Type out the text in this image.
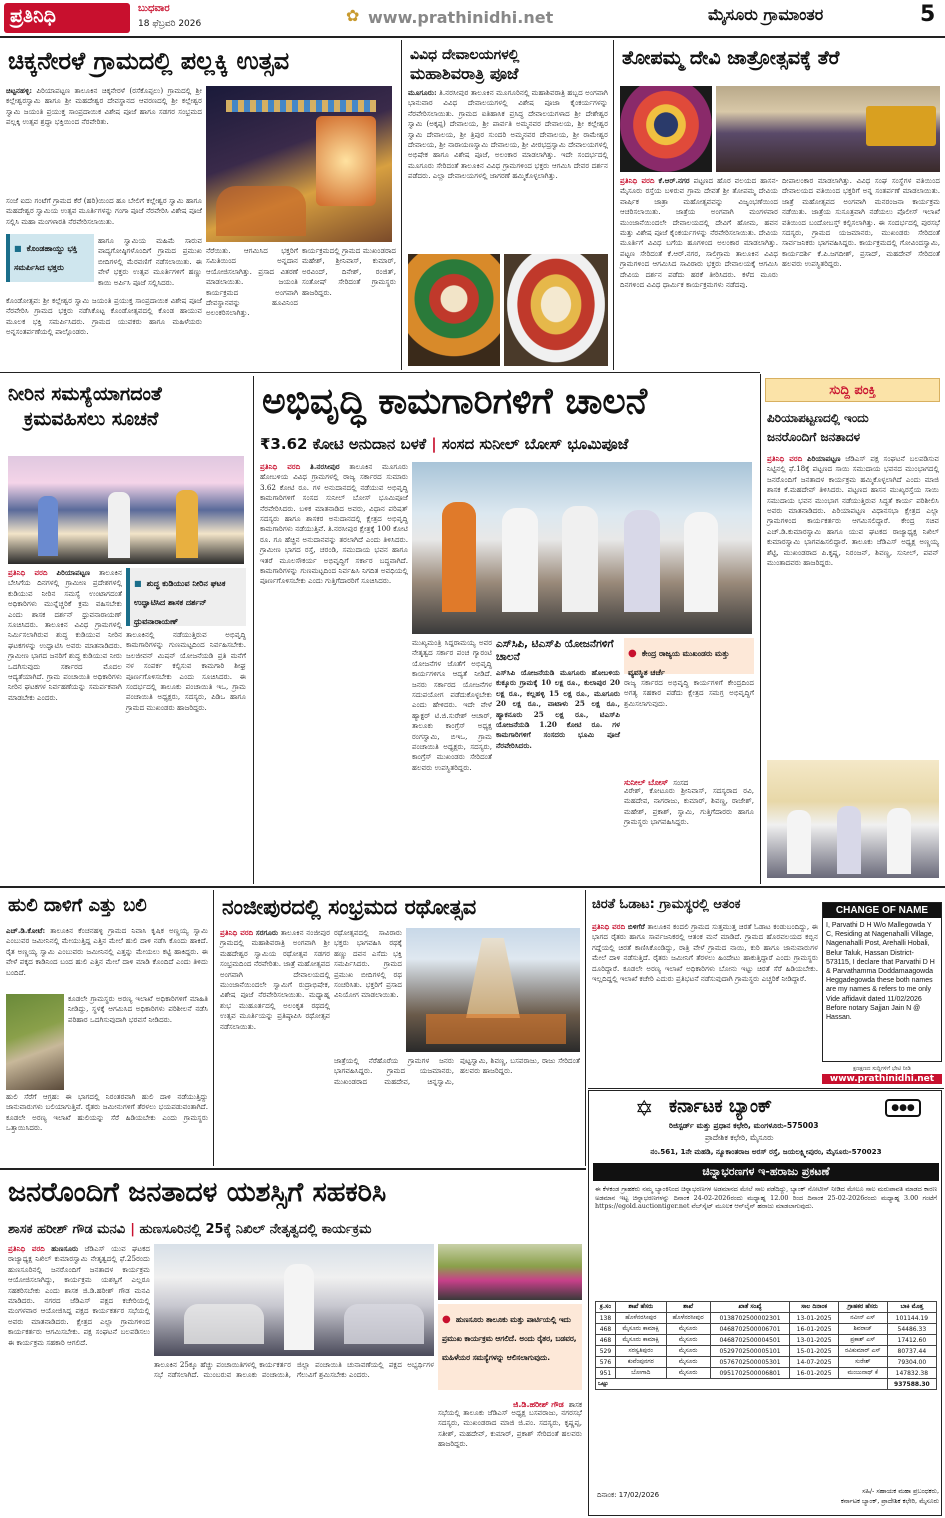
ಪ್ರತಿನಿಧಿ	ಬುಧವಾರ
18 ಫೆಬ್ರವರಿ 2026	✿ www.prathinidhi.net	ಮೈಸೂರು ಗ್ರಾಮಾಂತರ	5
ಚಿಕ್ಕನೇರಳೆ ಗ್ರಾಮದಲ್ಲಿ ಪಲ್ಲಕ್ಕಿ ಉತ್ಸವ
ಚಿಟ್ಟನಹಳ್ಳಿ: ಪಿರಿಯಾಪಟ್ಟಣ ತಾಲೂಕಿನ ಚಿಕ್ಕನೇರಳೆ (ರಸೆಕೊಪ್ಪಲು) ಗ್ರಾಮದಲ್ಲಿ ಶ್ರೀ ಕಲ್ಲೇಶ್ವರಸ್ವಾಮಿ ಹಾಗೂ ಶ್ರೀ ಮಹದೇಶ್ವರ ದೇವಸ್ಥಾನದ ಆವರಣದಲ್ಲಿ ಶ್ರೀ ಕಲ್ಲೇಶ್ವರ ಸ್ವಾಮಿ ಜಯಂತಿ ಪ್ರಯುಕ್ತ ಸಾಂಪ್ರದಾಯಿಕ ವಿಶೇಷ ಪೂಜೆ ಹಾಗೂ ಸಡಗರ ಸಂಭ್ರಮದ ಪಲ್ಲಕ್ಕಿ ಉತ್ಸವ ಶ್ರದ್ಧಾ ಭಕ್ತಿಯಿಂದ ನೆರವೇರಿತು.
ಸಂಜೆ ಐದು ಗಂಟೆಗೆ ಗ್ರಾಮದ ಕೆರೆ (ಹರಿ)ಯಿಂದ ಹೂ ಬೇಲಿಗೆ ಕಲ್ಲೇಶ್ವರ ಸ್ವಾಮಿ ಹಾಗೂ ಮಹದೇಶ್ವರ ಸ್ವಾಮಿಯ ಉತ್ಸವ ಮೂರ್ತಿಗಳನ್ನು ಗಂಗಾ ಪೂಜೆ ನೆರವೇರಿಸಿ ವಿಶೇಷ ಪೂಜೆ ಸಲ್ಲಿಸಿ ಮಹಾ ಮಂಗಳಾರತಿ ನೆರವೇರಿಸಲಾಯಿತು.
■ ಕೊಂಡಹಾಯ್ದು ಭಕ್ತಿ ಸಮರ್ಪಿಸಿದ ಭಕ್ತರು
ಹಾಗೂ ಸ್ವಾಮಿಯ ಮಹಿಮೆ ಸಾರುವ ವಾದ್ಯಗೋಷ್ಠಿಗಳೊಂದಿಗೆ ಗ್ರಾಮದ ಪ್ರಮುಖ ಬೀದಿಗಳಲ್ಲಿ ಮೆರವಣಿಗೆ ನಡೆಸಲಾಯಿತು. ಈ ವೇಳೆ ಭಕ್ತರು ಉತ್ಸವ ಮೂರ್ತಿಗಳಿಗೆ ಹಣ್ಣು ಕಾಯಿ ಅರ್ಪಿಸಿ ಪೂಜೆ ಸಲ್ಲಿಸಿದರು.
ಕೊಂಡೋತ್ಸವ: ಶ್ರೀ ಕಲ್ಲೇಶ್ವರ ಸ್ವಾಮಿ ಜಯಂತಿ ಪ್ರಯುಕ್ತ ಸಾಂಪ್ರದಾಯಿಕ ವಿಶೇಷ ಪೂಜೆ ನೆರವೇರಿಸಿ ಗ್ರಾಮದ ಭಕ್ತರು ನಡೆಸಿಕೊಟ್ಟ ಕೊಂಡೋತ್ಸವದಲ್ಲಿ ಕೊಂಡ ಹಾಯುವ ಮೂಲಕ ಭಕ್ತಿ ಸಮರ್ಪಿಸಿದರು. ಗ್ರಾಮದ ಯುವಕರು ಹಾಗೂ ಮಹಿಳೆಯರು ಅನ್ನಸಂತರ್ಪಣೆಯಲ್ಲಿ ಪಾಲ್ಗೊಂಡರು.
ನೆರೆಯಿತು. ಆಗಮಿಸಿದ ಭಕ್ತರಿಗೆ ಸಮಿತಿಯಿಂದ ಅನ್ನದಾನ ಆಯೋಜಿಸಲಾಗಿತ್ತು. ಪ್ರಸಾದ ವಿತರಣೆ ಮಾಡಲಾಯಿತು. ಜಯಂತಿ ಕಾರ್ಯಕ್ರಮದ ಅಂಗವಾಗಿ ದೇವಸ್ಥಾನವನ್ನು ಹೂವಿನಿಂದ ಅಲಂಕರಿಸಲಾಗಿತ್ತು.
ಕಾರ್ಯಕ್ರಮದಲ್ಲಿ ಗ್ರಾಮದ ಮುಖಂಡರಾದ ಮಹೇಶ್, ಶ್ರೀನಿವಾಸ್, ಕುಮಾರ್, ಅರವಿಂದ್, ದಿನೇಶ್, ರಂಜಿತ್, ಸಂತೋಷ್ ಸೇರಿದಂತೆ ಗ್ರಾಮಸ್ಥರು ಹಾಜರಿದ್ದರು.
ವಿವಿಧ ದೇವಾಲಯಗಳಲ್ಲಿ
ಮಹಾಶಿವರಾತ್ರಿ ಪೂಜೆ
ಮೂಗೂರು: ತಿ.ನರಸೀಪುರ ತಾಲೂಕಿನ ಮೂಗೂರಿನಲ್ಲಿ ಮಹಾಶಿವರಾತ್ರಿ ಹಬ್ಬದ ಅಂಗವಾಗಿ ಭಾನುವಾರ ವಿವಿಧ ದೇವಾಲಯಗಳಲ್ಲಿ ವಿಶೇಷ ಪೂಜಾ ಕೈಂಕರ್ಯಗಳನ್ನು ನೆರವೇರಿಸಲಾಯಿತು. ಗ್ರಾಮದ ಐತಿಹಾಸಿಕ ಪ್ರಸಿದ್ಧ ದೇವಾಲಯಗಳಾದ ಶ್ರೀ ದೇಶೇಶ್ವರ ಸ್ವಾಮಿ (ಅಕ್ಕಪ್ಪ) ದೇವಾಲಯ, ಶ್ರೀ ಪಾರ್ವತಿ ಅಮ್ಮನವರ ದೇವಾಲಯ, ಶ್ರೀ ಕಲ್ಲೇಶ್ವರ ಸ್ವಾಮಿ ದೇವಾಲಯ, ಶ್ರೀ ತ್ರಿಪುರ ಸುಂದರಿ ಅಮ್ಮನವರ ದೇವಾಲಯ, ಶ್ರೀ ರಾಮೇಶ್ವರ ದೇವಾಲಯ, ಶ್ರೀ ನಾರಾಯಣಸ್ವಾಮಿ ದೇವಾಲಯ, ಶ್ರೀ ವೀರಭದ್ರಸ್ವಾಮಿ ದೇವಾಲಯಗಳಲ್ಲಿ ಅಭಿಷೇಕ ಹಾಗೂ ವಿಶೇಷ ಪೂಜೆ, ಅಲಂಕಾರ ಮಾಡಲಾಗಿತ್ತು. ಇದೇ ಸಂದರ್ಭದಲ್ಲಿ ಮೂಗೂರು ಸೇರಿದಂತೆ ತಾಲೂಕಿನ ವಿವಿಧ ಗ್ರಾಮಗಳಿಂದ ಭಕ್ತರು ಆಗಮಿಸಿ ದೇವರ ದರ್ಶನ ಪಡೆದರು. ಎಲ್ಲಾ ದೇವಾಲಯಗಳಲ್ಲಿ ಜಾಗರಣೆ ಹಮ್ಮಿಕೊಳ್ಳಲಾಗಿತ್ತು.
ತೋಪಮ್ಮ ದೇವಿ ಜಾತ್ರೋತ್ಸವಕ್ಕೆ ತೆರೆ
ಪ್ರತಿನಿಧಿ ವರದಿ ಕೆ.ಆರ್.ನಗರ ಪಟ್ಟಣದ ಹೊರ ವಲಯದ ಹಾಸನ- ಮೈಸೂರು ರಸ್ತೆಯ ಬಳಿರುವ ಗ್ರಾಮ ದೇವತೆ ಶ್ರೀ ತೋಪಮ್ಮ ದೇವಿಯ ವಾರ್ಷಿಕ ಜಾತ್ರಾ ಮಹೋತ್ಸವವನ್ನು ವಿಜೃಂಭಣೆಯಿಂದ ಆಚರಿಸಲಾಯಿತು. ಜಾತ್ರೆಯ ಅಂಗವಾಗಿ ಮಂಗಳವಾರ ಮುಂಜಾನೆಯಿಂದಲೇ ದೇವಾಲಯದಲ್ಲಿ ದೇವಿಗೆ ಹೋಮ, ಹವನ ಮತ್ತು ವಿಶೇಷ ಪೂಜೆ ಕೈಂಕರ್ಯಗಳನ್ನು ನೆರವೇರಿಸಲಾಯಿತು. ದೇವಿಯ ಮೂರ್ತಿಗೆ ವಿವಿಧ ಬಗೆಯ ಹೂಗಳಿಂದ ಅಲಂಕಾರ ಮಾಡಲಾಗಿತ್ತು. ಪಟ್ಟಣ ಸೇರಿದಂತೆ ಕೆ.ಆರ್.ನಗರ, ಸಾಲಿಗ್ರಾಮ ತಾಲೂಕಿನ ವಿವಿಧ ಗ್ರಾಮಗಳಿಂದ ಆಗಮಿಸಿದ ಸಾವಿರಾರು ಭಕ್ತರು ದೇವಾಲಯಕ್ಕೆ ಆಗಮಿಸಿ ದೇವಿಯ ದರ್ಶನ ಪಡೆದು ಹರಕೆ ತೀರಿಸಿದರು. ಕಳೆದ ಮೂರು ದಿನಗಳಿಂದ ವಿವಿಧ ಧಾರ್ಮಿಕ ಕಾರ್ಯಕ್ರಮಗಳು ನಡೆದವು.
ದೀಪಾಲಂಕಾರ ಮಾಡಲಾಗಿತ್ತು. ವಿವಿಧ ಸಂಘ ಸಂಸ್ಥೆಗಳ ವತಿಯಿಂದ ದೇವಾಲಯದ ವತಿಯಿಂದ ಭಕ್ತರಿಗೆ ಅನ್ನ ಸಂತರ್ಪಣೆ ಮಾಡಲಾಯಿತು. ಜಾತ್ರೆ ಮಹೋತ್ಸವದ ಅಂಗವಾಗಿ ಮನರಂಜನಾ ಕಾರ್ಯಕ್ರಮ ನಡೆಯಿತು. ಜಾತ್ರೆಯ ಸುಸೂತ್ರವಾಗಿ ನಡೆಯಲು ಪೊಲೀಸ್ ಇಲಾಖೆ ವತಿಯಿಂದ ಬಂದೋಬಸ್ತ್ ಕಲ್ಪಿಸಲಾಗಿತ್ತು. ಈ ಸಂದರ್ಭದಲ್ಲಿ ಪುರಸಭೆ ಸದಸ್ಯರು, ಗ್ರಾಮದ ಯಜಮಾನರು, ಮುಖಂಡರು ಸೇರಿದಂತೆ ಸಾರ್ವಜನಿಕರು ಭಾಗವಹಿಸಿದ್ದರು. ಕಾರ್ಯಕ್ರಮದಲ್ಲಿ ಗೋವಿಂದಸ್ವಾಮಿ, ಕಾರ್ಯದರ್ಶಿ ಕೆ.ಪಿ.ಜಗದೀಶ್, ಪ್ರಸಾದ್, ಮಹದೇವ್ ಸೇರಿದಂತೆ ಹಲವರು ಉಪಸ್ಥಿತರಿದ್ದರು.
ನೀರಿನ ಸಮಸ್ಯೆಯಾಗದಂತೆ
ಕ್ರಮವಹಿಸಲು ಸೂಚನೆ
ಪ್ರತಿನಿಧಿ ವರದಿ ಪಿರಿಯಾಪಟ್ಟಣ ತಾಲೂಕಿನ ಬೇಸಿಗೆಯ ದಿನಗಳಲ್ಲಿ ಗ್ರಾಮೀಣ ಪ್ರದೇಶಗಳಲ್ಲಿ ಕುಡಿಯುವ ನೀರಿನ ಸಮಸ್ಯೆ ಉಂಟಾಗದಂತೆ ಅಧಿಕಾರಿಗಳು ಮುನ್ನೆಚ್ಚರಿಕೆ ಕ್ರಮ ವಹಿಸಬೇಕು ಎಂದು ಶಾಸಕ ದರ್ಶನ್ ಧ್ರುವನಾರಾಯಣ್ ಸೂಚಿಸಿದರು. ತಾಲೂಕಿನ ವಿವಿಧ ಗ್ರಾಮಗಳಲ್ಲಿ ನಿರ್ಮಿಸಲಾಗಿರುವ ಶುದ್ಧ ಕುಡಿಯುವ ನೀರಿನ ಘಟಕಗಳನ್ನು ಉದ್ಘಾಟಿಸಿ ಅವರು ಮಾತನಾಡಿದರು. ಗ್ರಾಮೀಣ ಭಾಗದ ಜನರಿಗೆ ಶುದ್ಧ ಕುಡಿಯುವ ನೀರು ಒದಗಿಸುವುದು ಸರ್ಕಾರದ ಮೊದಲ ಆದ್ಯತೆಯಾಗಿದೆ. ಗ್ರಾಮ ಪಂಚಾಯಿತಿ ಅಧಿಕಾರಿಗಳು ನೀರಿನ ಘಟಕಗಳ ನಿರ್ವಹಣೆಯನ್ನು ಸಮರ್ಪಕವಾಗಿ ಮಾಡಬೇಕು ಎಂದರು.
■ ಶುದ್ಧ ಕುಡಿಯುವ ನೀರಿನ ಘಟಕ ಉದ್ಘಾಟಿಸಿದ ಶಾಸಕ ದರ್ಶನ್ ಧ್ರುವನಾರಾಯಣ್
ತಾಲೂಕಿನಲ್ಲಿ ನಡೆಯುತ್ತಿರುವ ಅಭಿವೃದ್ಧಿ ಕಾಮಗಾರಿಗಳನ್ನು ಗುಣಮಟ್ಟದಿಂದ ನಿರ್ವಹಿಸಬೇಕು. ಜಲಜೀವನ್ ಮಿಷನ್ ಯೋಜನೆಯಡಿ ಪ್ರತಿ ಮನೆಗೆ ನಳ ಸಂಪರ್ಕ ಕಲ್ಪಿಸುವ ಕಾಮಗಾರಿ ಶೀಘ್ರ ಪೂರ್ಣಗೊಳಿಸಬೇಕು ಎಂದು ಸೂಚಿಸಿದರು. ಈ ಸಂದರ್ಭದಲ್ಲಿ ತಾಲೂಕು ಪಂಚಾಯಿತಿ ಇಒ, ಗ್ರಾಮ ಪಂಚಾಯಿತಿ ಅಧ್ಯಕ್ಷರು, ಸದಸ್ಯರು, ಪಿಡಿಒ ಹಾಗೂ ಗ್ರಾಮದ ಮುಖಂಡರು ಹಾಜರಿದ್ದರು.
ಅಭಿವೃದ್ಧಿ ಕಾಮಗಾರಿಗಳಿಗೆ ಚಾಲನೆ
₹3.62 ಕೋಟಿ ಅನುದಾನ ಬಳಕೆ | ಸಂಸದ ಸುನೀಲ್ ಬೋಸ್ ಭೂಮಿಪೂಜೆ
ಪ್ರತಿನಿಧಿ ವರದಿ ತಿ.ನರಸೀಪುರ ತಾಲೂಕಿನ ಮೂಗೂರು ಹೋಬಳಿಯ ವಿವಿಧ ಗ್ರಾಮಗಳಲ್ಲಿ ರಾಜ್ಯ ಸರ್ಕಾರದ ಸುಮಾರು 3.62 ಕೋಟಿ ರೂ. ಗಳ ಅನುದಾನದಲ್ಲಿ ನಡೆಯುವ ಅಭಿವೃದ್ಧಿ ಕಾಮಗಾರಿಗಳಿಗೆ ಸಂಸದ ಸುನೀಲ್ ಬೋಸ್ ಭೂಮಿಪೂಜೆ ನೆರವೇರಿಸಿದರು. ಬಳಿಕ ಮಾತನಾಡಿದ ಅವರು, ವಿಧಾನ ಪರಿಷತ್ ಸದಸ್ಯರು ಹಾಗೂ ಶಾಸಕರ ಅನುದಾನದಲ್ಲಿ ಕ್ಷೇತ್ರದ ಅಭಿವೃದ್ಧಿ ಕಾಮಗಾರಿಗಳು ನಡೆಯುತ್ತಿವೆ. ತಿ.ನರಸೀಪುರ ಕ್ಷೇತ್ರಕ್ಕೆ 100 ಕೋಟಿ ರೂ. ಗೂ ಹೆಚ್ಚಿನ ಅನುದಾನವನ್ನು ತರಲಾಗಿದೆ ಎಂದು ತಿಳಿಸಿದರು. ಗ್ರಾಮೀಣ ಭಾಗದ ರಸ್ತೆ, ಚರಂಡಿ, ಸಮುದಾಯ ಭವನ ಹಾಗೂ ಇತರೆ ಮೂಲಸೌಕರ್ಯ ಅಭಿವೃದ್ಧಿಗೆ ಸರ್ಕಾರ ಬದ್ಧವಾಗಿದೆ. ಕಾಮಗಾರಿಗಳನ್ನು ಗುಣಮಟ್ಟದಿಂದ ನಿರ್ವಹಿಸಿ ನಿಗದಿತ ಅವಧಿಯಲ್ಲಿ ಪೂರ್ಣಗೊಳಿಸಬೇಕು ಎಂದು ಗುತ್ತಿಗೆದಾರರಿಗೆ ಸೂಚಿಸಿದರು.
ಮುಖ್ಯಮಂತ್ರಿ ಸಿದ್ದರಾಮಯ್ಯ ಅವರ ನೇತೃತ್ವದ ಸರ್ಕಾರ ಪಂಚ ಗ್ಯಾರಂಟಿ ಯೋಜನೆಗಳ ಜೊತೆಗೆ ಅಭಿವೃದ್ಧಿ ಕಾರ್ಯಗಳಿಗೂ ಆದ್ಯತೆ ನೀಡಿದೆ. ಜನರು ಸರ್ಕಾರದ ಯೋಜನೆಗಳ ಸದುಪಯೋಗ ಪಡೆದುಕೊಳ್ಳಬೇಕು ಎಂದು ಹೇಳಿದರು. ಇದೇ ವೇಳೆ ಹ್ಯಾಕ್ಟರ್ ಟಿ.ಜಿ.ಸುರೇಶ್ ಆಚಾರ್, ತಾಲೂಕು ಕಾಂಗ್ರೆಸ್ ಅಧ್ಯಕ್ಷ ರಂಗಸ್ವಾಮಿ, ಬಿಇಒ, ಗ್ರಾಮ ಪಂಚಾಯಿತಿ ಅಧ್ಯಕ್ಷರು, ಸದಸ್ಯರು, ಕಾಂಗ್ರೆಸ್ ಮುಖಂಡರು ಸೇರಿದಂತೆ ಹಲವರು ಉಪಸ್ಥಿತರಿದ್ದರು.
ಎಸ್‌ಸಿಪಿ, ಟಿಎಸ್‌ಪಿ ಯೋಜನೆಗಳಿಗೆ ಚಾಲನೆ
ಎಸ್‌ಸಿಪಿ ಯೋಜನೆಯಡಿ ಮೂಗೂರು ಹೋಬಳಿಯ ಕುಕ್ಕೂರು ಗ್ರಾಮಕ್ಕೆ 10 ಲಕ್ಷ ರೂ., ಕುಲಾಪುರ 20 ಲಕ್ಷ ರೂ., ಕಲ್ಲಹಳ್ಳಿ 15 ಲಕ್ಷ ರೂ., ಮೂಗೂರು 20 ಲಕ್ಷ ರೂ., ವಾಟಾಳು 25 ಲಕ್ಷ ರೂ., ಹ್ಯಾಕನೂರು 25 ಲಕ್ಷ ರೂ., ಟಿಎಸ್‌ಪಿ ಯೋಜನೆಯಡಿ 1.20 ಕೋಟಿ ರೂ. ಗಳ ಕಾಮಗಾರಿಗಳಿಗೆ ಸಂಸದರು ಭೂಮಿ ಪೂಜೆ ನೆರವೇರಿಸಿದರು.
● ಕೇಂದ್ರ ರಾಜ್ಯಯ ಮುಖಂಡರು ಮತ್ತು ವ್ಯವಸ್ಥಿತ ಚರ್ಚೆ
ರಾಜ್ಯ ಸರ್ಕಾರದ ಅಭಿವೃದ್ಧಿ ಕಾರ್ಯಗಳಿಗೆ ಕೇಂದ್ರದಿಂದ ಅಗತ್ಯ ಸಹಕಾರ ಪಡೆದು ಕ್ಷೇತ್ರದ ಸಮಗ್ರ ಅಭಿವೃದ್ಧಿಗೆ ಶ್ರಮಿಸಲಾಗುವುದು.
ಸುನೀಲ್ ಬೋಸ್ ಸಂಸದ
ವಿರೇಶ್, ಕೋಟೂರು ಶ್ರೀನಿವಾಸ್, ಸದಸ್ಯರಾದ ರವಿ, ಮಹದೇವ, ನಾಗರಾಜು, ಕುಮಾರ್, ಶಿವಣ್ಣ, ರಾಜೇಶ್, ಮಹೇಶ್, ಪ್ರಕಾಶ್, ಸ್ವಾಮಿ, ಗುತ್ತಿಗೆದಾರರು ಹಾಗೂ ಗ್ರಾಮಸ್ಥರು ಭಾಗವಹಿಸಿದ್ದರು.
ಸುದ್ದಿ ಪಂಕ್ತಿ
ಪಿರಿಯಾಪಟ್ಟಣದಲ್ಲಿ ಇಂದು
ಜನರೊಂದಿಗೆ ಜನತಾದಳ
ಪ್ರತಿನಿಧಿ ವರದಿ ಪಿರಿಯಾಪಟ್ಟಣ ಜೆಡಿಎಸ್ ಪಕ್ಷ ಸಂಘಟನೆ ಬಲಪಡಿಸುವ ನಿಟ್ಟಿನಲ್ಲಿ ಫೆ.18ಕ್ಕೆ ಪಟ್ಟಣದ ಸಾಯಿ ಸಮುದಾಯ ಭವನದ ಮುಂಭಾಗದಲ್ಲಿ ಜನರೊಂದಿಗೆ ಜನತಾದಳ ಕಾರ್ಯಕ್ರಮ ಹಮ್ಮಿಕೊಳ್ಳಲಾಗಿದೆ ಎಂದು ಮಾಜಿ ಶಾಸಕ ಕೆ.ಮಹದೇವ್ ತಿಳಿಸಿದರು. ಪಟ್ಟಣದ ಹಾಸನ ಮುಖ್ಯರಸ್ತೆಯ ಸಾಯಿ ಸಮುದಾಯ ಭವನ ಮುಂಭಾಗ ನಡೆಯುತ್ತಿರುವ ಸಿದ್ಧತೆ ಕಾರ್ಯ ಪರಿಶೀಲಿಸಿ ಅವರು ಮಾತನಾಡಿದರು. ಪಿರಿಯಾಪಟ್ಟಣ ವಿಧಾನಸಭಾ ಕ್ಷೇತ್ರದ ಎಲ್ಲಾ ಗ್ರಾಮಗಳಿಂದ ಕಾರ್ಯಕರ್ತರು ಆಗಮಿಸಲಿದ್ದಾರೆ. ಕೇಂದ್ರ ಸಚಿವ ಎಚ್.ಡಿ.ಕುಮಾರಸ್ವಾಮಿ ಹಾಗೂ ಯುವ ಘಟಕದ ರಾಜ್ಯಾಧ್ಯಕ್ಷ ನಿಖಿಲ್ ಕುಮಾರಸ್ವಾಮಿ ಭಾಗವಹಿಸಲಿದ್ದಾರೆ. ತಾಲೂಕು ಜೆಡಿಎಸ್ ಅಧ್ಯಕ್ಷ ಅಣ್ಣಯ್ಯ ಶೆಟ್ಟಿ, ಮುಖಂಡರಾದ ಪಿ.ಕೃಷ್ಣ, ನಿರಂಜನ್, ಶಿವಣ್ಣ, ಸುನೀಲ್, ಪವನ್ ಮುಂತಾದವರು ಹಾಜರಿದ್ದರು.
ಹುಲಿ ದಾಳಿಗೆ ಎತ್ತು ಬಲಿ
ಎಚ್.ಡಿ.ಕೋಟೆ: ತಾಲೂಕಿನ ಕೆಂಚನಹಳ್ಳಿ ಗ್ರಾಮದ ನಿವಾಸಿ ಕೃಷಿಕ ಅಣ್ಣಯ್ಯ ಸ್ವಾಮಿ ಎಂಬುವರ ಜಮೀನಿನಲ್ಲಿ ಮೇಯುತ್ತಿದ್ದ ಎತ್ತಿನ ಮೇಲೆ ಹುಲಿ ದಾಳಿ ನಡೆಸಿ ಕೊಂದು ಹಾಕಿದೆ. ರೈತ ಅಣ್ಣಯ್ಯ ಸ್ವಾಮಿ ಎಂಬುವರು ಜಮೀನಿನಲ್ಲಿ ಎತ್ತನ್ನು ಮೇಯಲು ಕಟ್ಟಿ ಹಾಕಿದ್ದರು. ಈ ವೇಳೆ ಪಕ್ಕದ ಕಾಡಿನಿಂದ ಬಂದ ಹುಲಿ ಎತ್ತಿನ ಮೇಲೆ ದಾಳಿ ಮಾಡಿ ಕೊಂದಿದೆ ಎಂದು ತಿಳಿದು ಬಂದಿದೆ.
ಕೂಡಲೇ ಗ್ರಾಮಸ್ಥರು ಅರಣ್ಯ ಇಲಾಖೆ ಅಧಿಕಾರಿಗಳಿಗೆ ಮಾಹಿತಿ ನೀಡಿದ್ದು, ಸ್ಥಳಕ್ಕೆ ಆಗಮಿಸಿದ ಅಧಿಕಾರಿಗಳು ಪರಿಶೀಲನೆ ನಡೆಸಿ ಪರಿಹಾರ ಒದಗಿಸುವುದಾಗಿ ಭರವಸೆ ನೀಡಿದರು.
ಹುಲಿ ಸೆರೆಗೆ ಆಗ್ರಹ: ಈ ಭಾಗದಲ್ಲಿ ನಿರಂತರವಾಗಿ ಹುಲಿ ದಾಳಿ ನಡೆಯುತ್ತಿದ್ದು ಜಾನುವಾರುಗಳು ಬಲಿಯಾಗುತ್ತಿವೆ. ರೈತರು ಜಮೀನುಗಳಿಗೆ ತೆರಳಲು ಭಯಪಡುವಂತಾಗಿದೆ. ಕೂಡಲೇ ಅರಣ್ಯ ಇಲಾಖೆ ಹುಲಿಯನ್ನು ಸೆರೆ ಹಿಡಿಯಬೇಕು ಎಂದು ಗ್ರಾಮಸ್ಥರು ಒತ್ತಾಯಿಸಿದರು.
ನಂಜೀಪುರದಲ್ಲಿ ಸಂಭ್ರಮದ ರಥೋತ್ಸವ
ಪ್ರತಿನಿಧಿ ವರದಿ ಸರಗೂರು ತಾಲೂಕಿನ ನಂಜೀಪುರ ಗ್ರಾಮದಲ್ಲಿ ಮಹಾಶಿವರಾತ್ರಿ ಅಂಗವಾಗಿ ಶ್ರೀ ಮಹದೇಶ್ವರ ಸ್ವಾಮಿಯ ರಥೋತ್ಸವ ಸಡಗರ ಸಂಭ್ರಮದಿಂದ ನೆರವೇರಿತು. ಜಾತ್ರೆ ಮಹೋತ್ಸವದ ಅಂಗವಾಗಿ ದೇವಾಲಯದಲ್ಲಿ ಮುಂಜಾನೆಯಿಂದಲೇ ಸ್ವಾಮಿಗೆ ರುದ್ರಾಭಿಷೇಕ, ವಿಶೇಷ ಪೂಜೆ ನೆರವೇರಿಸಲಾಯಿತು. ಮಧ್ಯಾಹ್ನ ಶುಭ ಮುಹೂರ್ತದಲ್ಲಿ ಅಲಂಕೃತ ರಥದಲ್ಲಿ ಉತ್ಸವ ಮೂರ್ತಿಯನ್ನು ಪ್ರತಿಷ್ಠಾಪಿಸಿ ರಥೋತ್ಸವ ನಡೆಸಲಾಯಿತು.
ರಥೋತ್ಸವದಲ್ಲಿ ಸಾವಿರಾರು ಭಕ್ತರು ಭಾಗವಹಿಸಿ ರಥಕ್ಕೆ ಹಣ್ಣು ದವನ ಎಸೆದು ಭಕ್ತಿ ಸಮರ್ಪಿಸಿದರು. ಗ್ರಾಮದ ಪ್ರಮುಖ ಬೀದಿಗಳಲ್ಲಿ ರಥ ಸಂಚರಿಸಿತು. ಭಕ್ತರಿಗೆ ಪ್ರಸಾದ ವಿನಿಯೋಗ ಮಾಡಲಾಯಿತು.
ಜಾತ್ರೆಯಲ್ಲಿ ನೆರೆಹೊರೆಯ ಗ್ರಾಮಗಳ ಜನರು ಭಾಗವಹಿಸಿದ್ದರು. ಗ್ರಾಮದ ಯಜಮಾನರು, ಮುಖಂಡರಾದ ಮಹದೇವ, ಚಿನ್ನಸ್ವಾಮಿ, ಪುಟ್ಟಸ್ವಾಮಿ, ಶಿವಣ್ಣ, ಬಸವರಾಜು, ರಾಜು ಸೇರಿದಂತೆ ಹಲವರು ಹಾಜರಿದ್ದರು.
ಚಿರತೆ ಓಡಾಟ: ಗ್ರಾಮಸ್ಥರಲ್ಲಿ ಆತಂಕ
ಪ್ರತಿನಿಧಿ ವರದಿ ಬಿಳಿಗೆರೆ ತಾಲೂಕಿನ ಕಂದಲಿ ಗ್ರಾಮದ ಸುತ್ತಮುತ್ತ ಚಿರತೆ ಓಡಾಟ ಕಂಡುಬಂದಿದ್ದು, ಈ ಭಾಗದ ರೈತರು ಹಾಗೂ ಸಾರ್ವಜನಿಕರಲ್ಲಿ ಆತಂಕ ಮನೆ ಮಾಡಿದೆ. ಗ್ರಾಮದ ಹೊರವಲಯದ ಕಬ್ಬಿನ ಗದ್ದೆಯಲ್ಲಿ ಚಿರತೆ ಕಾಣಿಸಿಕೊಂಡಿದ್ದು, ರಾತ್ರಿ ವೇಳೆ ಗ್ರಾಮದ ನಾಯಿ, ಕುರಿ ಹಾಗೂ ಜಾನುವಾರುಗಳ ಮೇಲೆ ದಾಳಿ ನಡೆಸುತ್ತಿದೆ. ರೈತರು ಜಮೀನಿಗೆ ತೆರಳಲು ಹಿಂದೇಟು ಹಾಕುತ್ತಿದ್ದಾರೆ ಎಂದು ಗ್ರಾಮಸ್ಥರು ದೂರಿದ್ದಾರೆ. ಕೂಡಲೇ ಅರಣ್ಯ ಇಲಾಖೆ ಅಧಿಕಾರಿಗಳು ಬೋನು ಇಟ್ಟು ಚಿರತೆ ಸೆರೆ ಹಿಡಿಯಬೇಕು. ಇಲ್ಲದಿದ್ದಲ್ಲಿ ಇಲಾಖೆ ಕಚೇರಿ ಎದುರು ಪ್ರತಿಭಟನೆ ನಡೆಸುವುದಾಗಿ ಗ್ರಾಮಸ್ಥರು ಎಚ್ಚರಿಕೆ ನೀಡಿದ್ದಾರೆ.
CHANGE OF NAME
I, Parvathi D H W/o Mallegowda Y C, Residing at Nagenahalli Village, Nagenahalli Post, Arehalli Hobali, Belur Taluk, Hassan District- 573115, I declare that Parvathi D H & Parvathamma Doddamaagowda Heggadegowda these both names are my names & refers to me only Vide affidavit dated 11/02/2026 Before notary Sajjan Jain N @ Hassan.
ಕ್ಷಣಕ್ಷಣದ ಸುದ್ದಿಗಳಿಗೆ ಭೇಟಿ ನೀಡಿ
www.prathinidhi.net
✡ ಕರ್ನಾಟಕ ಬ್ಯಾಂಕ್	●●●
ರಿಜಿಸ್ಟರ್ಡ್ ಮತ್ತು ಪ್ರಧಾನ ಕಛೇರಿ, ಮಂಗಳೂರು-575003
ಪ್ರಾದೇಶಿಕ ಕಛೇರಿ, ಮೈಸೂರು
ನಂ.561, 1ನೇ ಮಹಡಿ, ನ್ಯೂಕಾಂತರಾಜ ಅರಸ್ ರಸ್ತೆ, ಜಯಲಕ್ಷ್ಮೀಪುರಂ, ಮೈಸೂರು-570023
ಚಿನ್ನಾಭರಣಗಳ ಇ-ಹರಾಜು ಪ್ರಕಟಣೆ
ಈ ಕೆಳಕಂಡ ಗ್ರಾಹಕರು ನಮ್ಮ ಬ್ಯಾಂಕಿನಿಂದ ಚಿನ್ನಾಭರಣಗಳ ಅಡಮಾನದ ಮೇಲೆ ಸಾಲ ಪಡೆದಿದ್ದು, ಬ್ಯಾಂಕ್ ನೋಟೀಸ್ ನೀಡಿದ ಮೇಲೂ ಸಾಲ ಮರುಪಾವತಿ ಮಾಡದ ಕಾರಣ ಅಡಮಾನ ಇಟ್ಟ ಚಿನ್ನಾಭರಣಗಳನ್ನು ದಿನಾಂಕ 24-02-2026ರಂದು ಮಧ್ಯಾಹ್ನ 12.00 ರಿಂದ ದಿನಾಂಕ 25-02-2026ರಂದು ಮಧ್ಯಾಹ್ನ 3.00 ಗಂಟೆಗೆ https://egold.auctiontiger.net ವೆಬ್‌ಸೈಟ್ ಮೂಲಕ ಆನ್‌ಲೈನ್ ಹರಾಜು ಮಾಡಲಾಗುವುದು.
ಕ್ರ.ಸಂ	ಶಾಖೆ ಹೆಸರು	ಶಾಖೆ	ಖಾತೆ ಸಂಖ್ಯೆ	ಸಾಲ ದಿನಾಂಕ	ಗ್ರಾಹಕರ ಹೆಸರು	ಬಾಕಿ ಮೊತ್ತ
138	ಹೊಳೆನರಸೀಪುರ	ಹೊಳೆನರಸೀಪುರ	0138702500002301	13-01-2025	ನವೀನ್ ಎಸ್	101144.19
468	ಮೈಸೂರು ಕಾಮಾಕ್ಷಿ	ಮೈಸೂರು	0468702500006701	16-01-2025	ಶಿವರಾಜ್	54486.33
468	ಮೈಸೂರು ಕಾಮಾಕ್ಷಿ	ಮೈಸೂರು	0468702500004501	13-01-2025	ಪ್ರಕಾಶ್ ಎಸ್	17412.60
529	ಸರಸ್ವತಿಪುರಂ	ಮೈಸೂರು	0529702500005101	15-01-2025	ರವಿಕುಮಾರ್ ಎಸ್	80737.44
576	ಕುವೆಂಪುನಗರ	ಮೈಸೂರು	0576702500005301	14-07-2025	ಸುರೇಶ್	79304.00
951	ಬೋಗಾದಿ	ಮೈಸೂರು	0951702500006801	16-01-2025	ಮಂಜುನಾಥ್ ಕೆ	147832.38
ಒಟ್ಟು						937588.30
ದಿನಾಂಕ: 17/02/2026	ಸಹಿ/- ಸಹಾಯಕ ಮಹಾ ಪ್ರಬಂಧಕರು,
ಕರ್ನಾಟಕ ಬ್ಯಾಂಕ್, ಪ್ರಾದೇಶಿಕ ಕಛೇರಿ, ಮೈಸೂರು
ಜನರೊಂದಿಗೆ ಜನತಾದಳ ಯಶಸ್ಸಿಗೆ ಸಹಕರಿಸಿ
ಶಾಸಕ ಹರೀಶ್ ಗೌಡ ಮನವಿ | ಹುಣಸೂರಿನಲ್ಲಿ 25ಕ್ಕೆ ನಿಖಿಲ್ ನೇತೃತ್ವದಲ್ಲಿ ಕಾರ್ಯಕ್ರಮ
ಪ್ರತಿನಿಧಿ ವರದಿ ಹುಣಸೂರು ಜೆಡಿಎಸ್ ಯುವ ಘಟಕದ ರಾಜ್ಯಾಧ್ಯಕ್ಷ ನಿಖಿಲ್ ಕುಮಾರಸ್ವಾಮಿ ನೇತೃತ್ವದಲ್ಲಿ ಫೆ.25ರಂದು ಹುಣಸೂರಿನಲ್ಲಿ ಜನರೊಂದಿಗೆ ಜನತಾದಳ ಕಾರ್ಯಕ್ರಮ ಆಯೋಜಿಸಲಾಗಿದ್ದು, ಕಾರ್ಯಕ್ರಮ ಯಶಸ್ವಿಗೆ ಎಲ್ಲರೂ ಸಹಕರಿಸಬೇಕು ಎಂದು ಶಾಸಕ ಜಿ.ಡಿ.ಹರೀಶ್ ಗೌಡ ಮನವಿ ಮಾಡಿದರು. ನಗರದ ಜೆಡಿಎಸ್ ಪಕ್ಷದ ಕಚೇರಿಯಲ್ಲಿ ಮಂಗಳವಾರ ಆಯೋಜಿಸಿದ್ದ ಪಕ್ಷದ ಕಾರ್ಯಕರ್ತರ ಸಭೆಯಲ್ಲಿ ಅವರು ಮಾತನಾಡಿದರು. ಕ್ಷೇತ್ರದ ಎಲ್ಲಾ ಗ್ರಾಮಗಳಿಂದ ಕಾರ್ಯಕರ್ತರು ಆಗಮಿಸಬೇಕು. ಪಕ್ಷ ಸಂಘಟನೆ ಬಲಪಡಿಸಲು ಈ ಕಾರ್ಯಕ್ರಮ ಸಹಕಾರಿ ಆಗಲಿದೆ.
● ಹುಣಸೂರು ತಾಲೂಕು ಮತ್ತು ಪಾರ್ಟಿಯಲ್ಲಿ ಇದು ಪ್ರಮುಖ ಕಾರ್ಯಕ್ರಮ ಆಗಲಿದೆ. ಅಂದು ರೈತರ, ಬಡವರ, ಮಹಿಳೆಯರ ಸಮಸ್ಯೆಗಳನ್ನು ಆಲಿಸಲಾಗುವುದು.
ಜಿ.ಡಿ.ಹರೀಶ್ ಗೌಡ ಶಾಸಕ
ತಾಲೂಕಿನ 25ಕ್ಕೂ ಹೆಚ್ಚು ಪಂಚಾಯಿತಿಗಳಲ್ಲಿ ಕಾರ್ಯಕರ್ತರ ಸಭೆ ನಡೆಸಲಾಗಿದೆ. ಮುಂಬರುವ ತಾಲೂಕು ಪಂಚಾಯಿತಿ, ಜಿಲ್ಲಾ ಪಂಚಾಯಿತಿ ಚುನಾವಣೆಯಲ್ಲಿ ಪಕ್ಷದ ಅಭ್ಯರ್ಥಿಗಳ ಗೆಲುವಿಗೆ ಶ್ರಮಿಸಬೇಕು ಎಂದರು.
ಸಭೆಯಲ್ಲಿ ತಾಲೂಕು ಜೆಡಿಎಸ್ ಅಧ್ಯಕ್ಷ ಬಸವರಾಜು, ನಗರಸಭೆ ಸದಸ್ಯರು, ಮುಖಂಡರಾದ ಮಾಜಿ ಜಿ.ಪಂ. ಸದಸ್ಯರು, ಕೃಷ್ಣಪ್ಪ, ಸತೀಶ್, ಮಹದೇವ್, ಕುಮಾರ್, ಪ್ರಕಾಶ್ ಸೇರಿದಂತೆ ಹಲವರು ಹಾಜರಿದ್ದರು.
